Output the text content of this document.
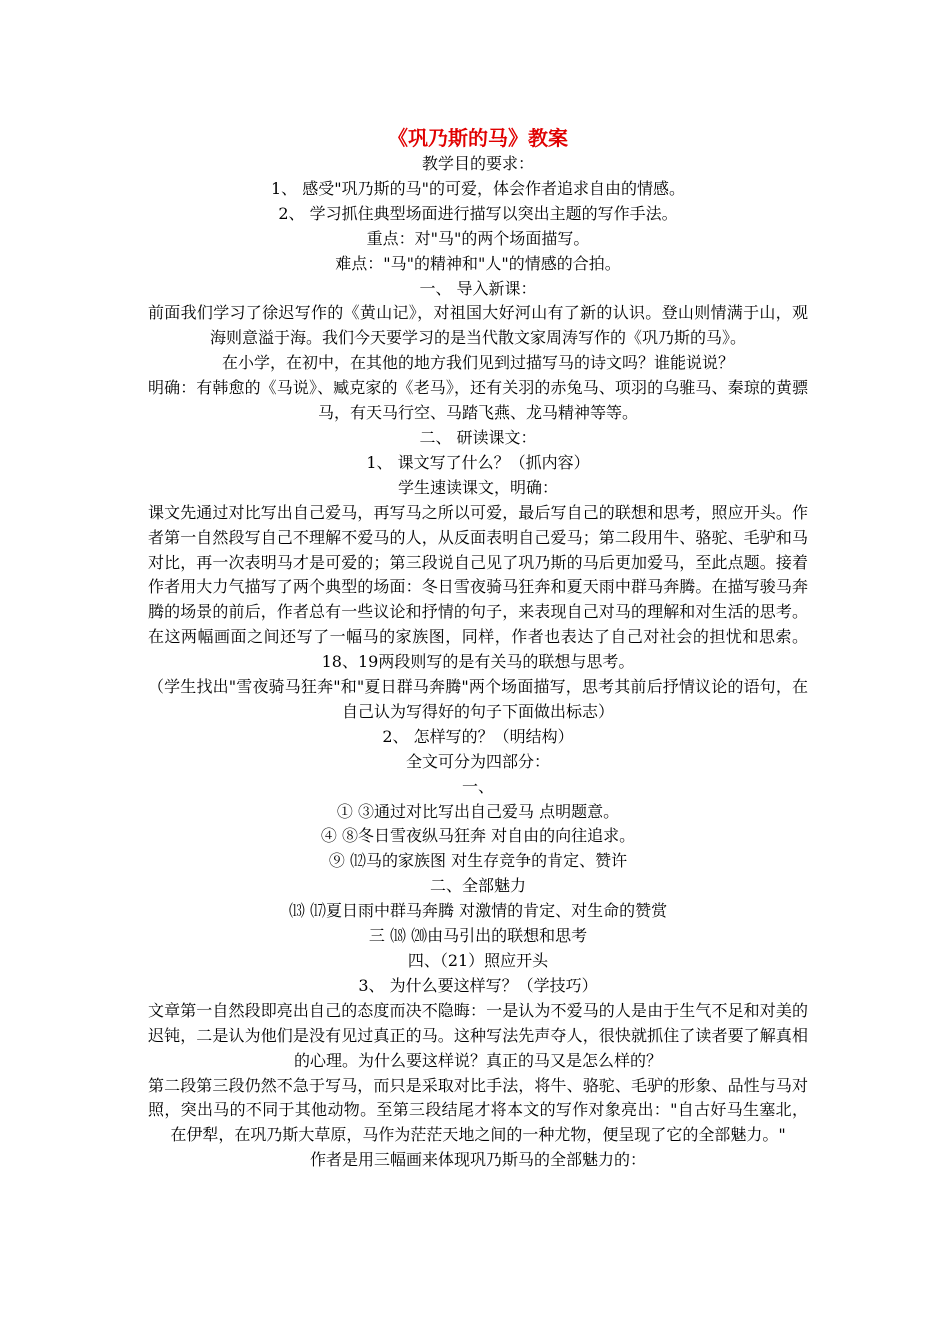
《巩乃斯的马》教案

教学目的要求：

1、 感受"巩乃斯的马"的可爱，体会作者追求自由的情感。

2、 学习抓住典型场面进行描写以突出主题的写作手法。

重点：对"马"的两个场面描写。

难点："马"的精神和"人"的情感的合拍。

一、 导入新课：

前面我们学习了徐迟写作的《黄山记》，对祖国大好河山有了新的认识。登山则情满于山，观海则意溢于海。我们今天要学习的是当代散文家周涛写作的《巩乃斯的马》。

在小学，在初中，在其他的地方我们见到过描写马的诗文吗？谁能说说？

明确：有韩愈的《马说》、臧克家的《老马》，还有关羽的赤兔马、项羽的乌骓马、秦琼的黄骠马，有天马行空、马踏飞燕、龙马精神等等。

二、 研读课文：

1、 课文写了什么？（抓内容）

学生速读课文，明确：

课文先通过对比写出自己爱马，再写马之所以可爱，最后写自己的联想和思考，照应开头。作者第一自然段写自己不理解不爱马的人，从反面表明自己爱马；第二段用牛、骆驼、毛驴和马对比，再一次表明马才是可爱的；第三段说自己见了巩乃斯的马后更加爱马，至此点题。接着作者用大力气描写了两个典型的场面：冬日雪夜骑马狂奔和夏天雨中群马奔腾。在描写骏马奔腾的场景的前后，作者总有一些议论和抒情的句子，来表现自己对马的理解和对生活的思考。在这两幅画面之间还写了一幅马的家族图，同样，作者也表达了自己对社会的担忧和思索。18、19两段则写的是有关马的联想与思考。

（学生找出"雪夜骑马狂奔"和"夏日群马奔腾"两个场面描写，思考其前后抒情议论的语句，在自己认为写得好的句子下面做出标志）

2、 怎样写的？（明结构）

全文可分为四部分：

一、

① ③通过对比写出自己爱马 点明题意。

④ ⑧冬日雪夜纵马狂奔 对自由的向往追求。

⑨ ⑿马的家族图 对生存竞争的肯定、赞许

二、全部魅力

⒀ ⒄夏日雨中群马奔腾 对激情的肯定、对生命的赞赏

三 ⒅ ⒇由马引出的联想和思考

四、（21）照应开头

3、 为什么要这样写？（学技巧）

文章第一自然段即亮出自己的态度而决不隐晦：一是认为不爱马的人是由于生气不足和对美的迟钝，二是认为他们是没有见过真正的马。这种写法先声夺人，很快就抓住了读者要了解真相的心理。为什么要这样说？真正的马又是怎么样的？

第二段第三段仍然不急于写马，而只是采取对比手法，将牛、骆驼、毛驴的形象、品性与马对照，突出马的不同于其他动物。至第三段结尾才将本文的写作对象亮出："自古好马生塞北，在伊犁，在巩乃斯大草原，马作为茫茫天地之间的一种尤物，便呈现了它的全部魅力。"

作者是用三幅画来体现巩乃斯马的全部魅力的：
